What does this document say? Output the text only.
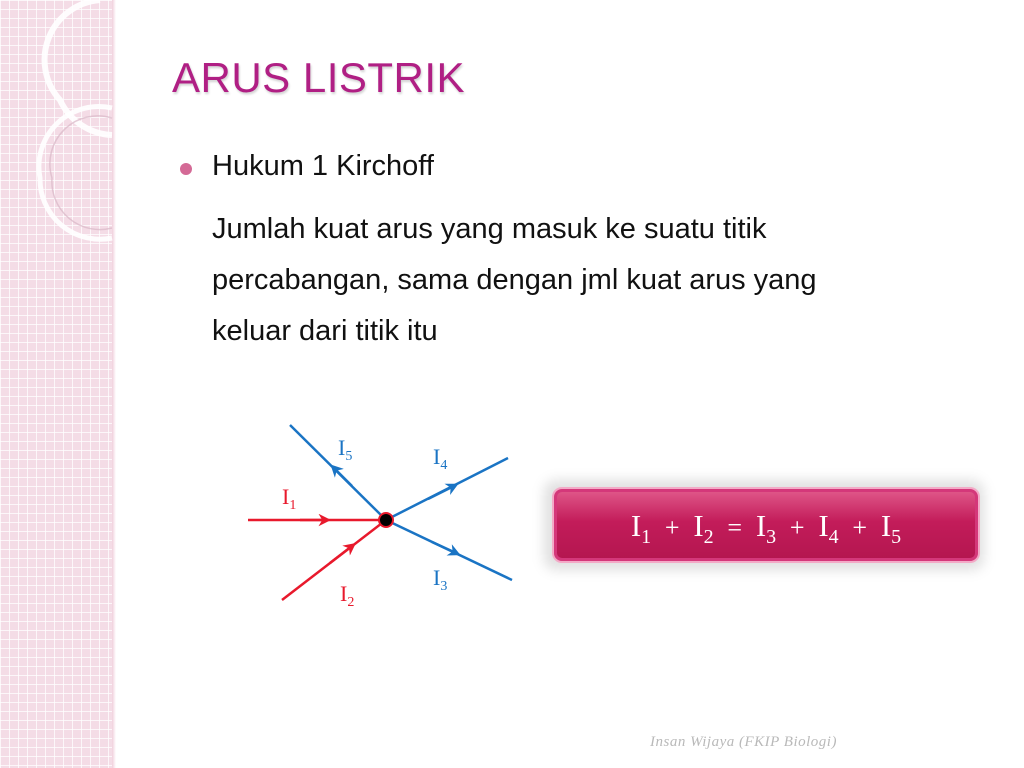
ARUS LISTRIK
Hukum 1 Kirchoff

Jumlah kuat arus yang masuk ke suatu titik
percabangan, sama dengan jml kuat arus yang
keluar dari titik itu

$I_5$	$I_4$
$I_1$
$I_3$
$I_2$
$I_1$ + $I_2$ = $I_3$ + $I_4$ + $I_5$
Insan Wijaya (FKIP Biologi)
